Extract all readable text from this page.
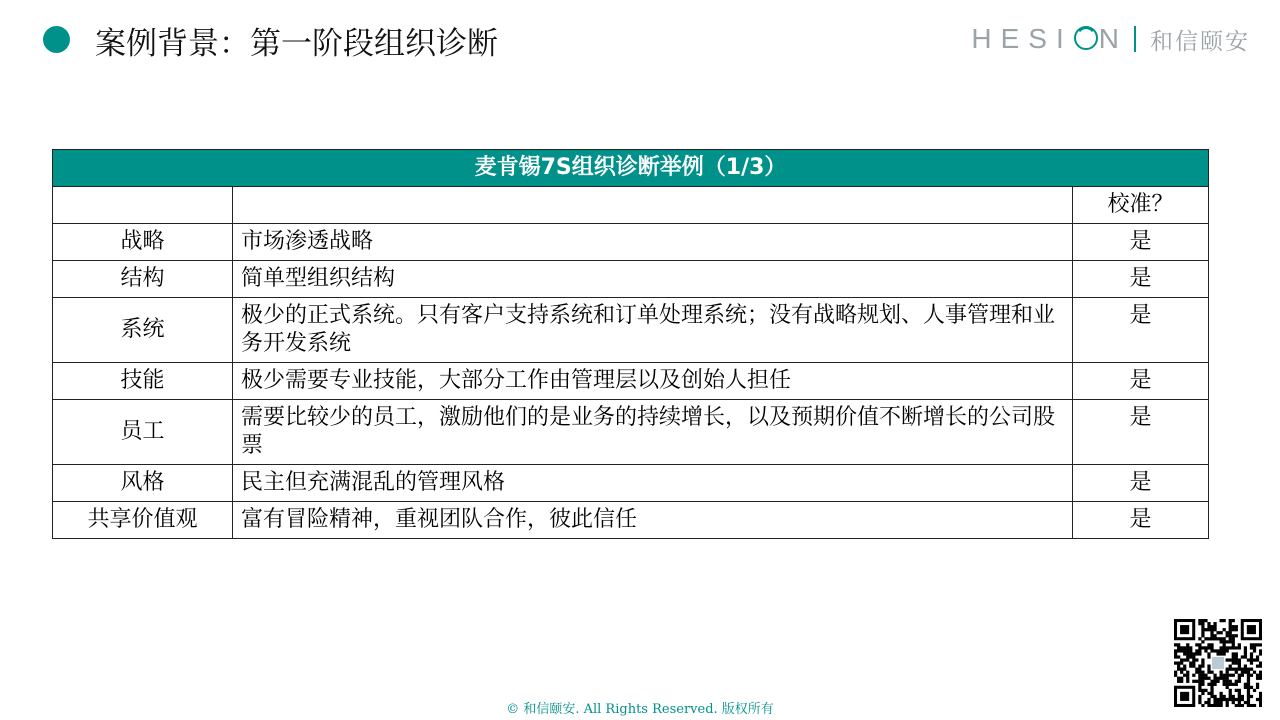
案例背景：第一阶段组织诊断	HESI N 和信颐安
麦肯锡7S组织诊断举例（1/3）		
		校准？
战略	市场渗透战略	是
结构	简单型组织结构	是
系统	极少的正式系统。只有客户支持系统和订单处理系统；没有战略规划、人事管理和业务开发系统	是
技能	极少需要专业技能，大部分工作由管理层以及创始人担任	是
员工	需要比较少的员工，激励他们的是业务的持续增长，以及预期价值不断增长的公司股票	是
风格	民主但充满混乱的管理风格	是
共享价值观	富有冒险精神，重视团队合作，彼此信任	是
© 和信颐安. All Rights Reserved. 版权所有
